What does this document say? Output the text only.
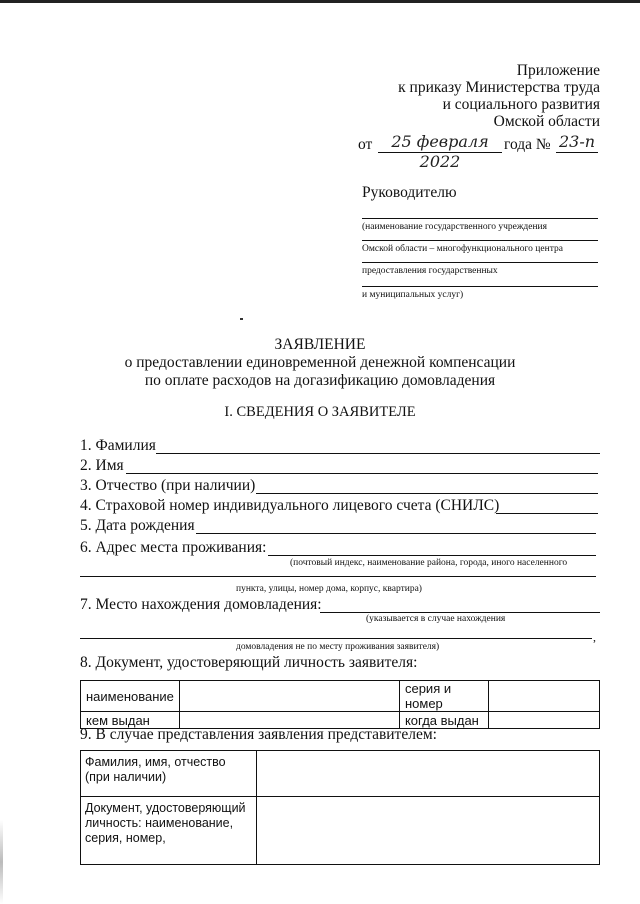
Приложение
к приказу Министерства труда
и социального развития
Омской области
от	25 февраля 2022
года № 23-п
Руководителю
(наименование государственного учреждения
Омской области – многофункционального центра
предоставления государственных
и муниципальных услуг)
ЗАЯВЛЕНИЕ
о предоставлении единовременной денежной компенсации
по оплате расходов на догазификацию домовладения
I. СВЕДЕНИЯ О ЗАЯВИТЕЛЕ
1. Фамилия
2. Имя
3. Отчество (при наличии)
4. Страховой номер индивидуального лицевого счета (СНИЛС)
5. Дата рождения
6. Адрес места проживания:
(почтовый индекс, наименование района, города, иного населенного
пункта, улицы, номер дома, корпус, квартира)
7. Место нахождения домовладения:
(указывается в случае нахождения
,
домовладения не по месту проживания заявителя)
8. Документ, удостоверяющий личность заявителя:
наименование		серия и номер	
кем выдан		когда выдан	
9. В случае представления заявления представителем:
Фамилия, имя, отчество
(при наличии)	
Документ, удостоверяющий
личность: наименование,
серия, номер,	
